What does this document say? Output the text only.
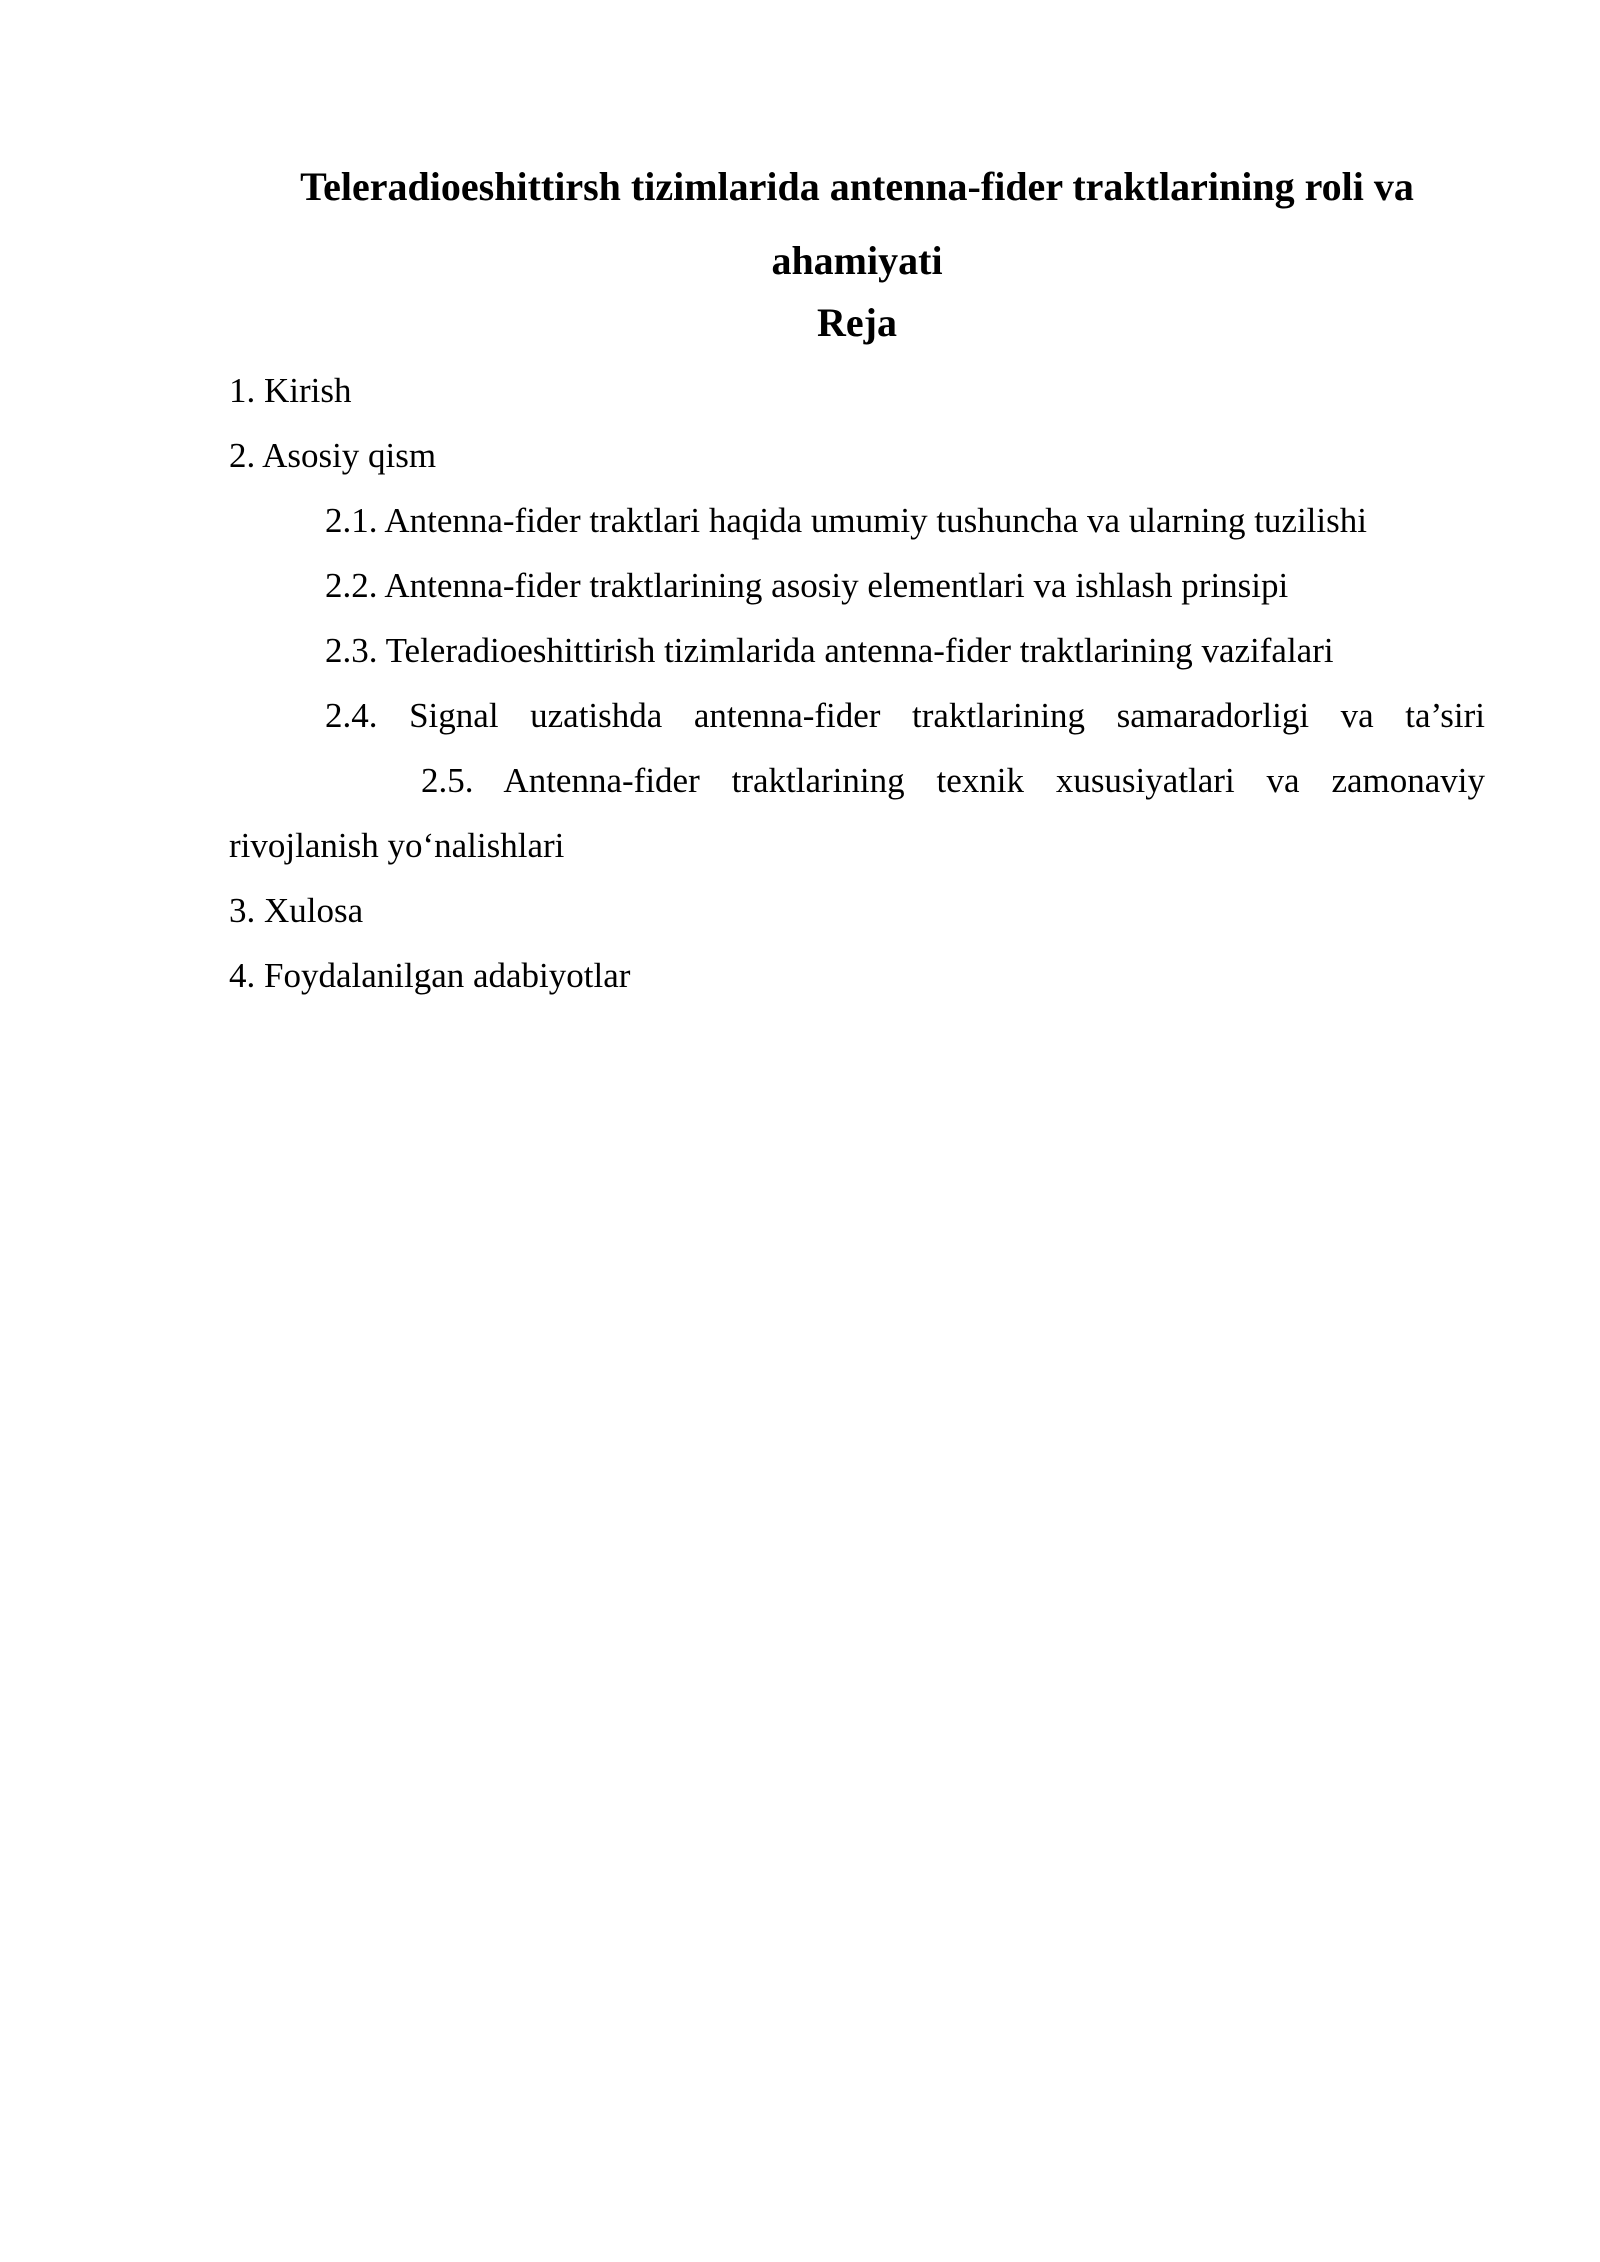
Teleradioeshittirsh tizimlarida antenna-fider traktlarining roli va ahamiyati
Reja
1. Kirish
2. Asosiy qism
2.1. Antenna-fider traktlari haqida umumiy tushuncha va ularning tuzilishi
2.2. Antenna-fider traktlarining asosiy elementlari va ishlash prinsipi
2.3. Teleradioeshittirish tizimlarida antenna-fider traktlarining vazifalari
2.4. Signal uzatishda antenna-fider traktlarining samaradorligi va ta’siri
2.5. Antenna-fider traktlarining texnik xususiyatlari va zamonaviy rivojlanish yo‘nalishlari
3. Xulosa
4. Foydalanilgan adabiyotlar
